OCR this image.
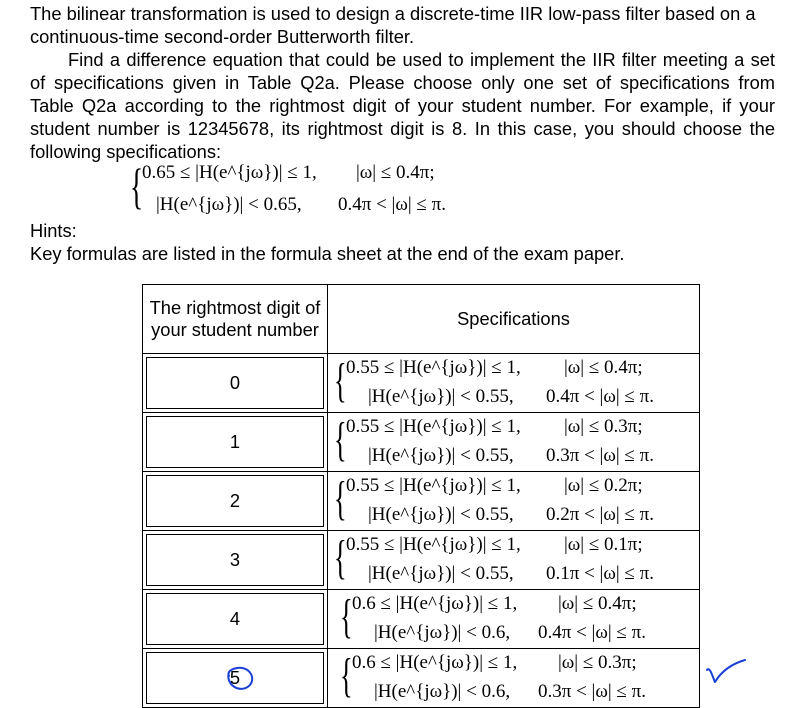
The bilinear transformation is used to design a discrete-time IIR low-pass filter based on a continuous-time second-order Butterworth filter.

Find a difference equation that could be used to implement the IIR filter meeting a set of specifications given in Table Q2a. Please choose only one set of specifications from Table Q2a according to the rightmost digit of your student number. For example, if your student number is 12345678, its rightmost digit is 8. In this case, you should choose the following specifications:

{
0.65 ≤ |H(e^{jω})| ≤ 1, |ω| ≤ 0.4π;
|H(e^{jω})| < 0.65, 0.4π < |ω| ≤ π.
Hints:
Key formulas are listed in the formula sheet at the end of the exam paper.
The rightmost digit of your student number	Specifications

0	{ 0.55 ≤ |H(e^{jω})| ≤ 1, |ω| ≤ 0.4π;
|H(e^{jω})| < 0.55, 0.4π < |ω| ≤ π.

1	{ 0.55 ≤ |H(e^{jω})| ≤ 1, |ω| ≤ 0.3π;
|H(e^{jω})| < 0.55, 0.3π < |ω| ≤ π.

2	{ 0.55 ≤ |H(e^{jω})| ≤ 1, |ω| ≤ 0.2π;
|H(e^{jω})| < 0.55, 0.2π < |ω| ≤ π.

3	{ 0.55 ≤ |H(e^{jω})| ≤ 1, |ω| ≤ 0.1π;
|H(e^{jω})| < 0.55, 0.1π < |ω| ≤ π.

4	{ 0.6 ≤ |H(e^{jω})| ≤ 1, |ω| ≤ 0.4π;
|H(e^{jω})| < 0.6, 0.4π < |ω| ≤ π.

5	{ 0.6 ≤ |H(e^{jω})| ≤ 1, |ω| ≤ 0.3π;
|H(e^{jω})| < 0.6, 0.3π < |ω| ≤ π.
